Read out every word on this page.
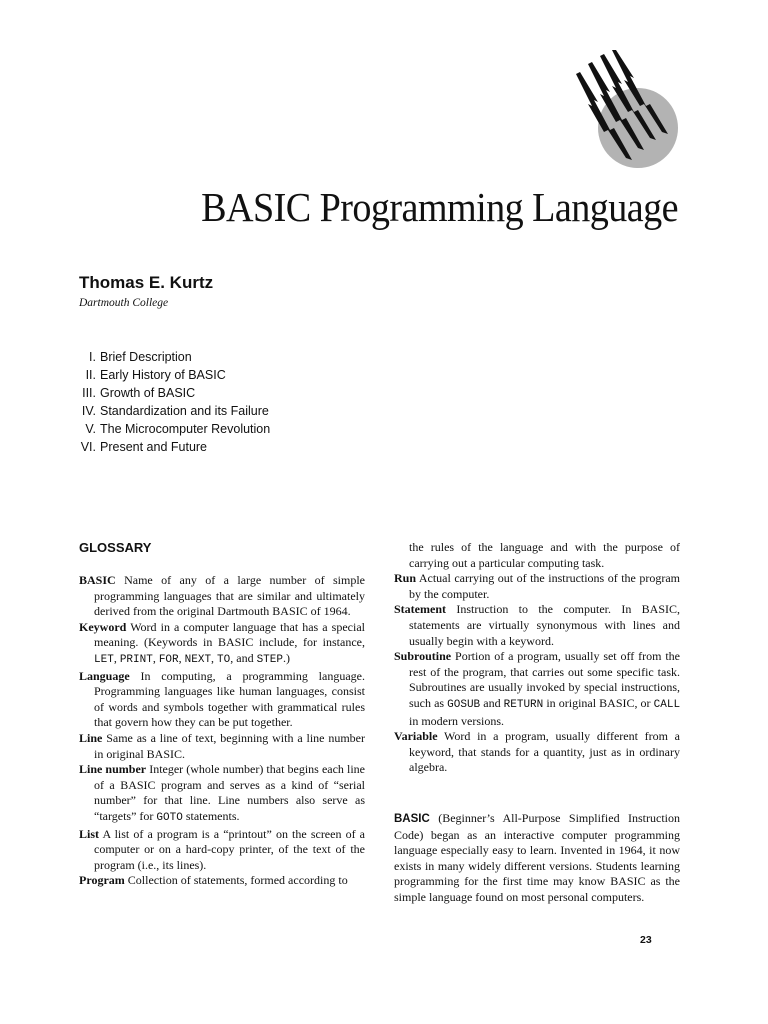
BASIC Programming Language
Thomas E. Kurtz
Dartmouth College
I. Brief Description
II. Early History of BASIC
III. Growth of BASIC
IV. Standardization and its Failure
V. The Microcomputer Revolution
VI. Present and Future
GLOSSARY

BASIC Name of any of a large number of simple programming languages that are similar and ultimately derived from the original Dartmouth BASIC of 1964.

Keyword Word in a computer language that has a special meaning. (Keywords in BASIC include, for instance, LET, PRINT, FOR, NEXT, TO, and STEP.)

Language In computing, a programming language. Programming languages like human languages, consist of words and symbols together with grammatical rules that govern how they can be put together.

Line Same as a line of text, beginning with a line number in original BASIC.

Line number Integer (whole number) that begins each line of a BASIC program and serves as a kind of “serial number” for that line. Line numbers also serve as “targets” for GOTO statements.

List A list of a program is a “printout” on the screen of a computer or on a hard-copy printer, of the text of the program (i.e., its lines).

Program Collection of statements, formed according to

the rules of the language and with the purpose of carrying out a particular computing task.

Run Actual carrying out of the instructions of the program by the computer.

Statement Instruction to the computer. In BASIC, statements are virtually synonymous with lines and usually begin with a keyword.

Subroutine Portion of a program, usually set off from the rest of the program, that carries out some specific task. Subroutines are usually invoked by special instructions, such as GOSUB and RETURN in original BASIC, or CALL in modern versions.

Variable Word in a program, usually different from a keyword, that stands for a quantity, just as in ordinary algebra.

BASIC (Beginner’s All-Purpose Simplified Instruction Code) began as an interactive computer programming language especially easy to learn. Invented in 1964, it now exists in many widely different versions. Students learning programming for the first time may know BASIC as the simple language found on most personal computers.

23
